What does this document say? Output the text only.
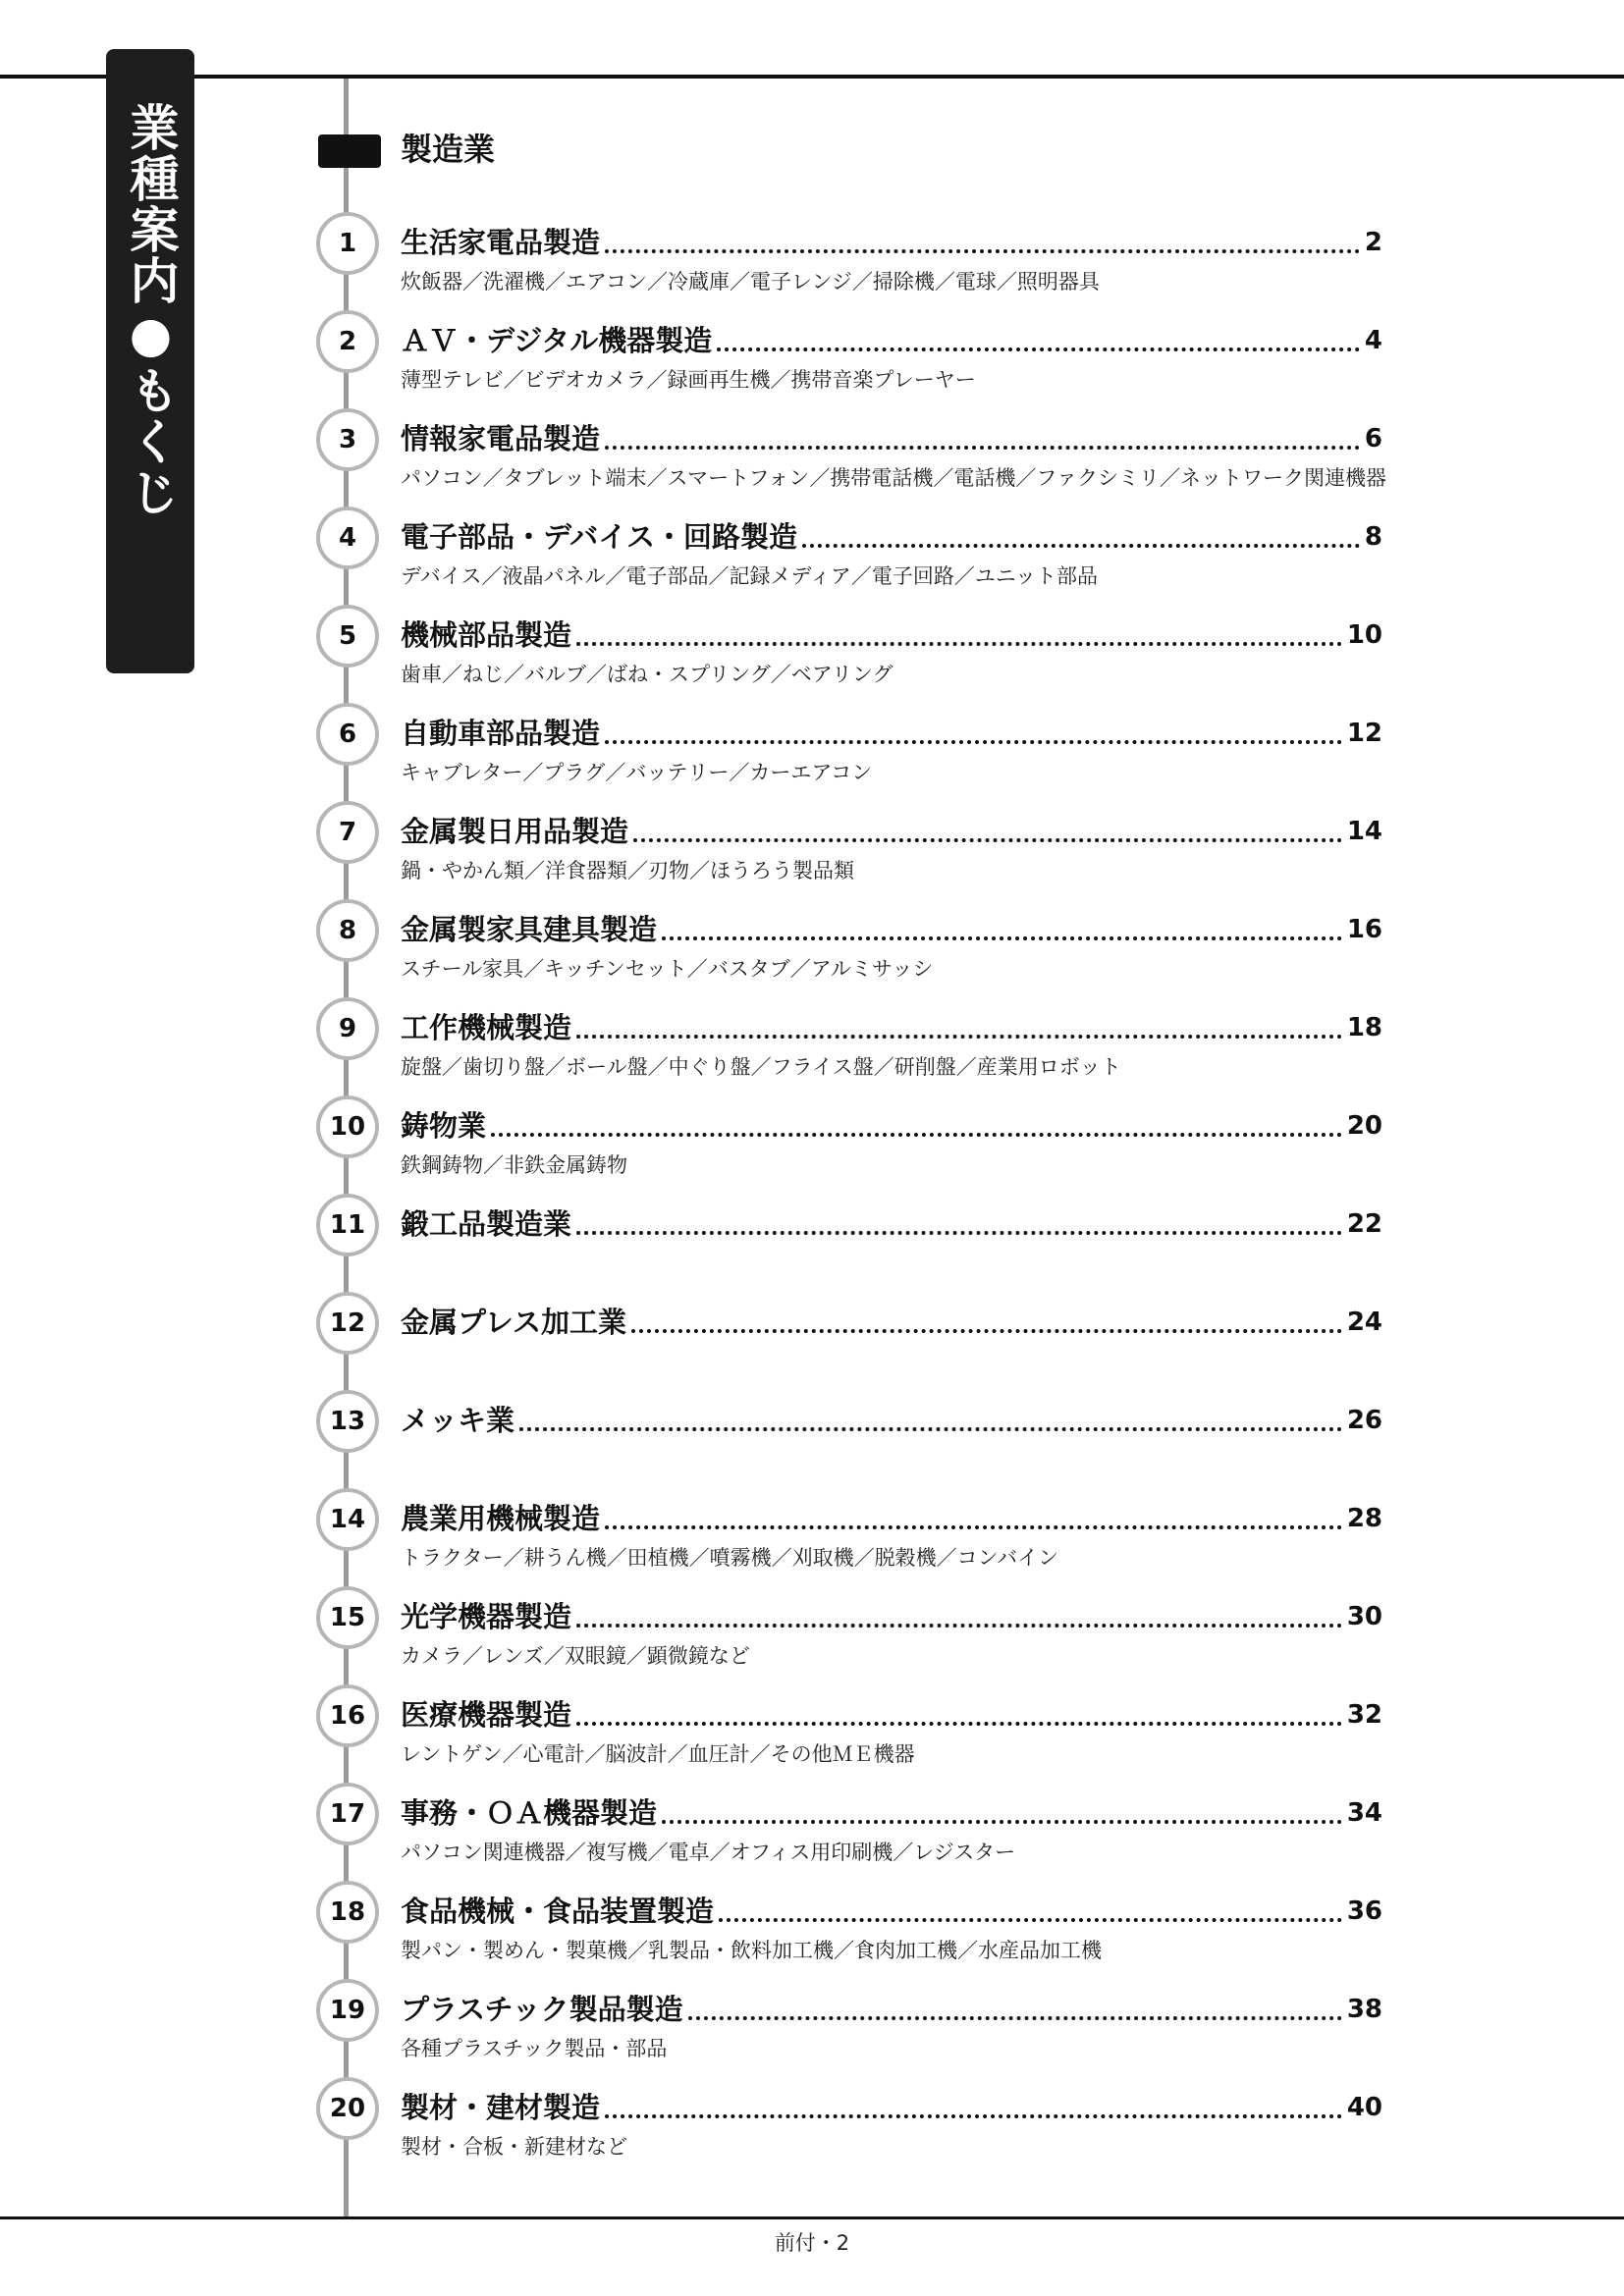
業種案内●もくじ	製造業
1	生活家電品製造	2
炊飯器／洗濯機／エアコン／冷蔵庫／電子レンジ／掃除機／電球／照明器具
2	ＡＶ・デジタル機器製造	4
薄型テレビ／ビデオカメラ／録画再生機／携帯音楽プレーヤー
3	情報家電品製造	6
パソコン／タブレット端末／スマートフォン／携帯電話機／電話機／ファクシミリ／ネットワーク関連機器
4	電子部品・デバイス・回路製造	8
デバイス／液晶パネル／電子部品／記録メディア／電子回路／ユニット部品
5	機械部品製造	10
歯車／ねじ／バルブ／ばね・スプリング／ベアリング
6	自動車部品製造	12
キャブレター／プラグ／バッテリー／カーエアコン
7	金属製日用品製造	14
鍋・やかん類／洋食器類／刃物／ほうろう製品類
8	金属製家具建具製造	16
スチール家具／キッチンセット／バスタブ／アルミサッシ
9	工作機械製造	18
旋盤／歯切り盤／ボール盤／中ぐり盤／フライス盤／研削盤／産業用ロボット
10	鋳物業	20
鉄鋼鋳物／非鉄金属鋳物
11	鍛工品製造業	22
12	金属プレス加工業	24
13	メッキ業	26
14	農業用機械製造	28
トラクター／耕うん機／田植機／噴霧機／刈取機／脱穀機／コンバイン
15	光学機器製造	30
カメラ／レンズ／双眼鏡／顕微鏡など
16	医療機器製造	32
レントゲン／心電計／脳波計／血圧計／その他ＭＥ機器
17	事務・ＯＡ機器製造	34
パソコン関連機器／複写機／電卓／オフィス用印刷機／レジスター
18	食品機械・食品装置製造	36
製パン・製めん・製菓機／乳製品・飲料加工機／食肉加工機／水産品加工機
19	プラスチック製品製造	38
各種プラスチック製品・部品
20	製材・建材製造	40
製材・合板・新建材など
前付・2
